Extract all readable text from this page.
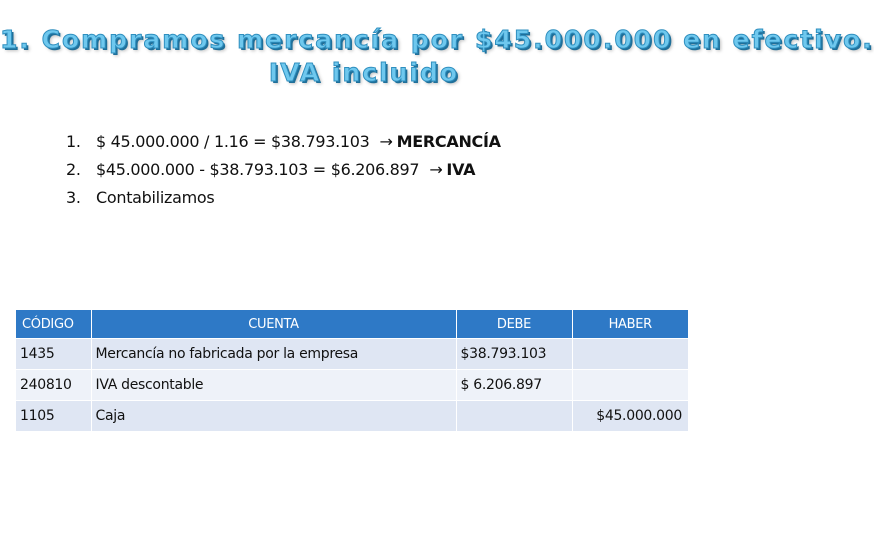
1. Compramos mercancía por $45.000.000 en efectivo.
IVA incluido
1. $ 45.000.000 / 1.16 = $38.793.103 → MERCANCÍA
2. $45.000.000 - $38.793.103 = $6.206.897 → IVA
3. Contabilizamos
CÓDIGO	CUENTA	DEBE	HABER
1435	Mercancía no fabricada por la empresa	$38.793.103	
240810	IVA descontable	$ 6.206.897	
1105	Caja		$45.000.000
